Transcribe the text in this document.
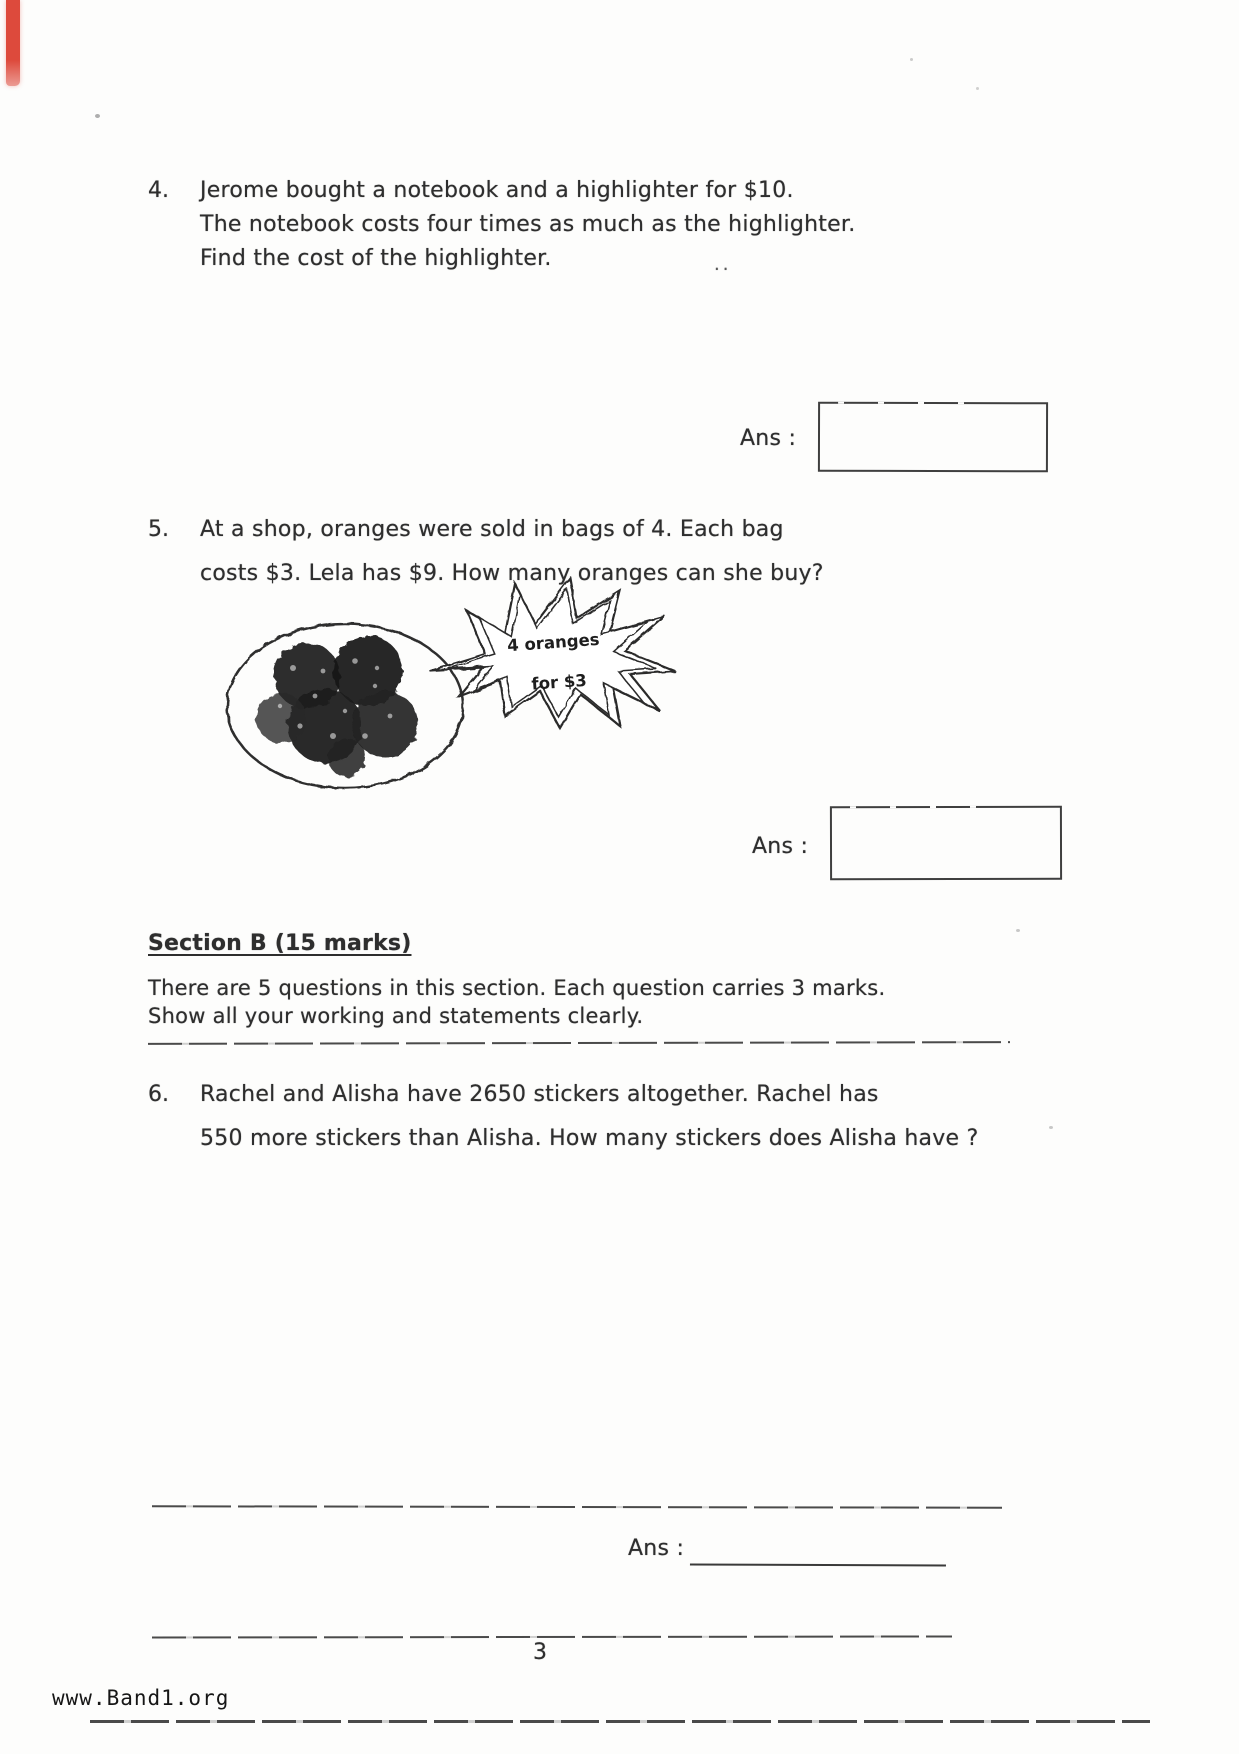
4. Jerome bought a notebook and a highlighter for $10.
The notebook costs four times as much as the highlighter.
Find the cost of the highlighter.	..
Ans :
5. At a shop, oranges were sold in bags of 4. Each bag
costs $3. Lela has $9. How many oranges can she buy?
4 oranges
for $3
Ans :
Section B (15 marks)
There are 5 questions in this section. Each question carries 3 marks.
Show all your working and statements clearly.
6. Rachel and Alisha have 2650 stickers altogether. Rachel has
550 more stickers than Alisha. How many stickers does Alisha have ?
Ans :
3
www.Band1.org
